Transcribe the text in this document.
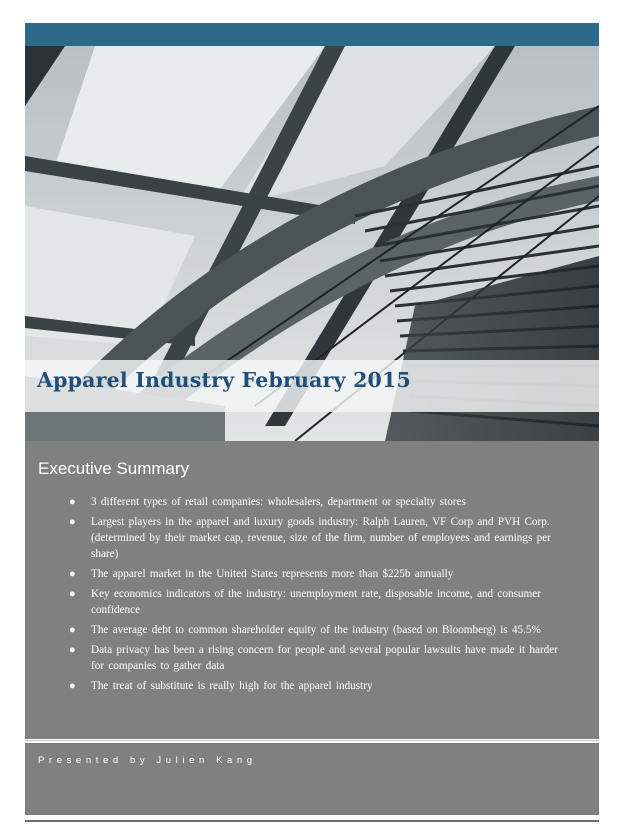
Apparel Industry February 2015
Executive Summary
● 3 different types of retail companies: wholesalers, department or specialty stores
● Largest players in the apparel and luxury goods industry: Ralph Lauren, VF Corp and PVH Corp. (determined by their market cap, revenue, size of the firm, number of employees and earnings per share)
● The apparel market in the United States represents more than $225b annually
● Key economics indicators of the industry: unemployment rate, disposable income, and consumer confidence
● The average debt to common shareholder equity of the industry (based on Bloomberg) is 45.5%
● Data privacy has been a rising concern for people and several popular lawsuits have made it harder for companies to gather data
● The treat of substitute is really high for the apparel industry

Presented by Julien Kang
